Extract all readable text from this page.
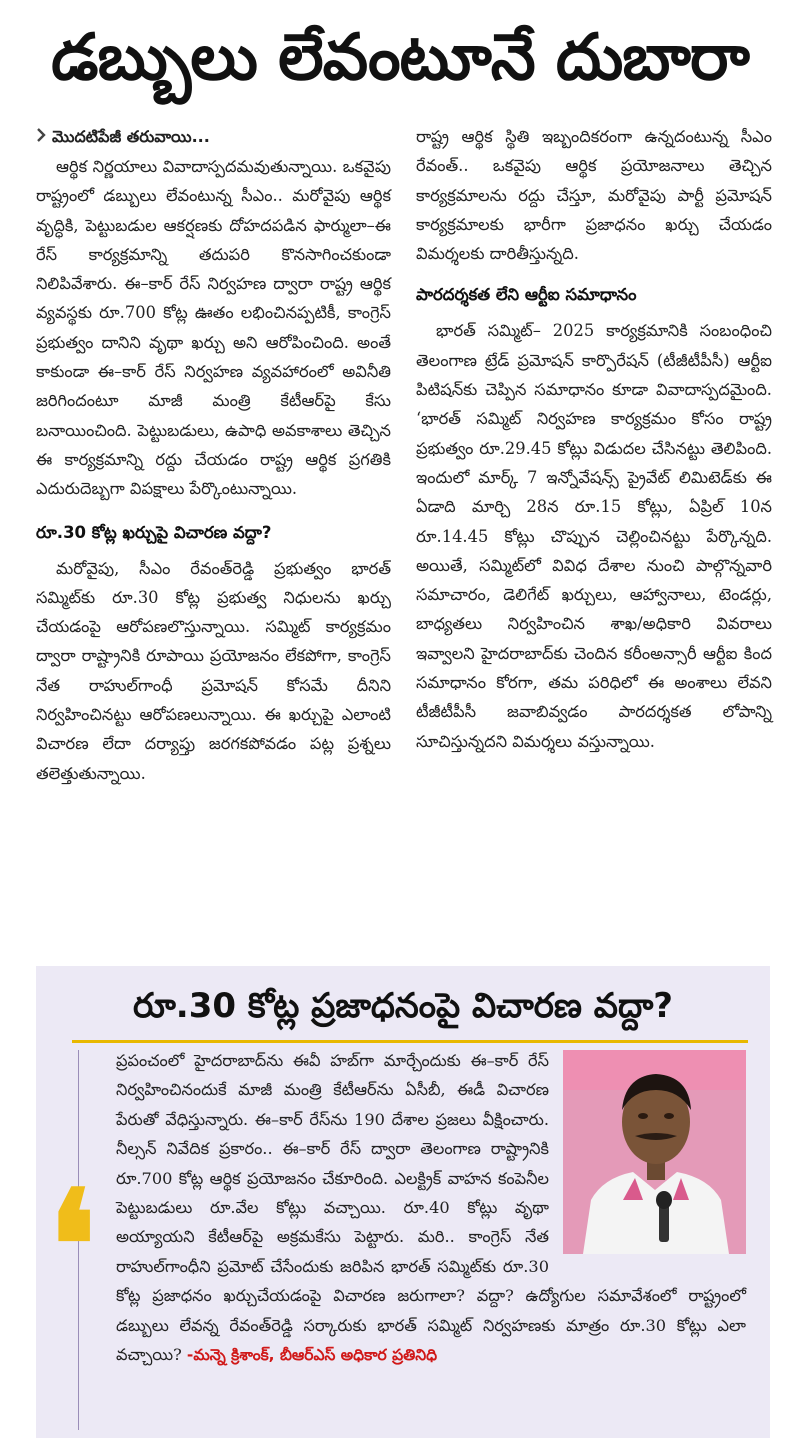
డబ్బులు లేవంటూనే దుబారా
మొదటిపేజీ తరువాయి...

ఆర్థిక నిర్ణయాలు వివాదాస్పదమవుతున్నాయి. ఒకవైపు రాష్ట్రంలో డబ్బులు లేవంటున్న సీఎం.. మరోవైపు ఆర్థిక వృద్ధికి, పెట్టుబడుల ఆకర్షణకు దోహదపడిన ఫార్ములా–ఈ రేస్ కార్యక్రమాన్ని తదుపరి కొనసాగించకుండా నిలిపివేశారు. ఈ–కార్ రేస్ నిర్వహణ ద్వారా రాష్ట్ర ఆర్థిక వ్యవస్థకు రూ.700 కోట్ల ఊతం లభించినప్పటికీ, కాంగ్రెస్ ప్రభుత్వం దానిని వృథా ఖర్చు అని ఆరోపించింది. అంతే కాకుండా ఈ–కార్ రేస్ నిర్వహణ వ్యవహారంలో అవినీతి జరిగిందంటూ మాజీ మంత్రి కేటీఆర్‌పై కేసు బనాయించింది. పెట్టుబడులు, ఉపాధి అవకాశాలు తెచ్చిన ఈ కార్యక్రమాన్ని రద్దు చేయడం రాష్ట్ర ఆర్థిక ప్రగతికి ఎదురుదెబ్బగా విపక్షాలు పేర్కొంటున్నాయి.

రూ.30 కోట్ల ఖర్చుపై విచారణ వద్దా?

మరోవైపు, సీఎం రేవంత్‌రెడ్డి ప్రభుత్వం భారత్ సమ్మిట్‌కు రూ.30 కోట్ల ప్రభుత్వ నిధులను ఖర్చు చేయడంపై ఆరోపణలొస్తున్నాయి. సమ్మిట్ కార్యక్రమం ద్వారా రాష్ట్రానికి రూపాయి ప్రయోజనం లేకపోగా, కాంగ్రెస్ నేత రాహుల్‌గాంధీ ప్రమోషన్ కోసమే దీనిని నిర్వహించినట్టు ఆరోపణలున్నాయి. ఈ ఖర్చుపై ఎలాంటి విచారణ లేదా దర్యాప్తు జరగకపోవడం పట్ల ప్రశ్నలు తలెత్తుతున్నాయి.

రాష్ట్ర ఆర్థిక స్థితి ఇబ్బందికరంగా ఉన్నదంటున్న సీఎం రేవంత్.. ఒకవైపు ఆర్థిక ప్రయోజనాలు తెచ్చిన కార్యక్రమాలను రద్దు చేస్తూ, మరోవైపు పార్టీ ప్రమోషన్ కార్యక్రమాలకు భారీగా ప్రజాధనం ఖర్చు చేయడం విమర్శలకు దారితీస్తున్నది.

పారదర్శకత లేని ఆర్టీఐ సమాధానం

భారత్ సమ్మిట్– 2025 కార్యక్రమానికి సంబంధించి తెలంగాణ ట్రేడ్ ప్రమోషన్ కార్పొరేషన్ (టీజీటీపీసీ) ఆర్టీఐ పిటిషన్‌కు చెప్పిన సమాధానం కూడా వివాదాస్పదమైంది. ‘భారత్ సమ్మిట్ నిర్వహణ కార్యక్రమం కోసం రాష్ట్ర ప్రభుత్వం రూ.29.45 కోట్లు విడుదల చేసినట్టు తెలిపింది. ఇందులో మార్క్ 7 ఇన్నోవేషన్స్ ప్రైవేట్ లిమిటెడ్‌కు ఈ ఏడాది మార్చి 28న రూ.15 కోట్లు, ఏప్రిల్ 10న రూ.14.45 కోట్లు చొప్పున చెల్లించినట్టు పేర్కొన్నది. అయితే, సమ్మిట్‌లో వివిధ దేశాల నుంచి పాల్గొన్నవారి సమాచారం, డెలిగేట్ ఖర్చులు, ఆహ్వానాలు, టెండర్లు, బాధ్యతలు నిర్వహించిన శాఖ/అధికారి వివరాలు ఇవ్వాలని హైదరాబాద్‌కు చెందిన కరీంఅన్సారీ ఆర్టీఐ కింద సమాధానం కోరగా, తమ పరిధిలో ఈ అంశాలు లేవని టీజీటీపీసీ జవాబివ్వడం పారదర్శకత లోపాన్ని సూచిస్తున్నదని విమర్శలు వస్తున్నాయి.

రూ.30 కోట్ల ప్రజాధనంపై విచారణ వద్దా?
❛
ప్రపంచంలో హైదరాబాద్‌ను ఈవీ హబ్‌గా మార్చేందుకు ఈ–కార్ రేస్ నిర్వహించినందుకే మాజీ మంత్రి కేటీఆర్‌ను ఏసీబీ, ఈడీ విచారణ పేరుతో వేధిస్తున్నారు. ఈ–కార్ రేస్‌ను 190 దేశాల ప్రజలు వీక్షించారు. నీల్సన్ నివేదిక ప్రకారం.. ఈ–కార్ రేస్ ద్వారా తెలంగాణ రాష్ట్రానికి రూ.700 కోట్ల ఆర్థిక ప్రయోజనం చేకూరింది. ఎలక్ట్రిక్ వాహన కంపెనీల పెట్టుబడులు రూ.వేల కోట్లు వచ్చాయి. రూ.40 కోట్లు వృథా అయ్యాయని కేటీఆర్‌పై అక్రమకేసు పెట్టారు. మరి.. కాంగ్రెస్ నేత రాహుల్‌గాంధీని ప్రమోట్ చేసేందుకు జరిపిన భారత్ సమ్మిట్‌కు రూ.30 కోట్ల ప్రజాధనం ఖర్చుచేయడంపై విచారణ జరుగాలా? వద్దా? ఉద్యోగుల సమావేశంలో రాష్ట్రంలో డబ్బులు లేవన్న రేవంత్‌రెడ్డి సర్కారుకు భారత్ సమ్మిట్ నిర్వహణకు మాత్రం రూ.30 కోట్లు ఎలా వచ్చాయి? -మన్నె క్రిశాంక్, బీఆర్‌ఎస్ అధికార ప్రతినిధి
